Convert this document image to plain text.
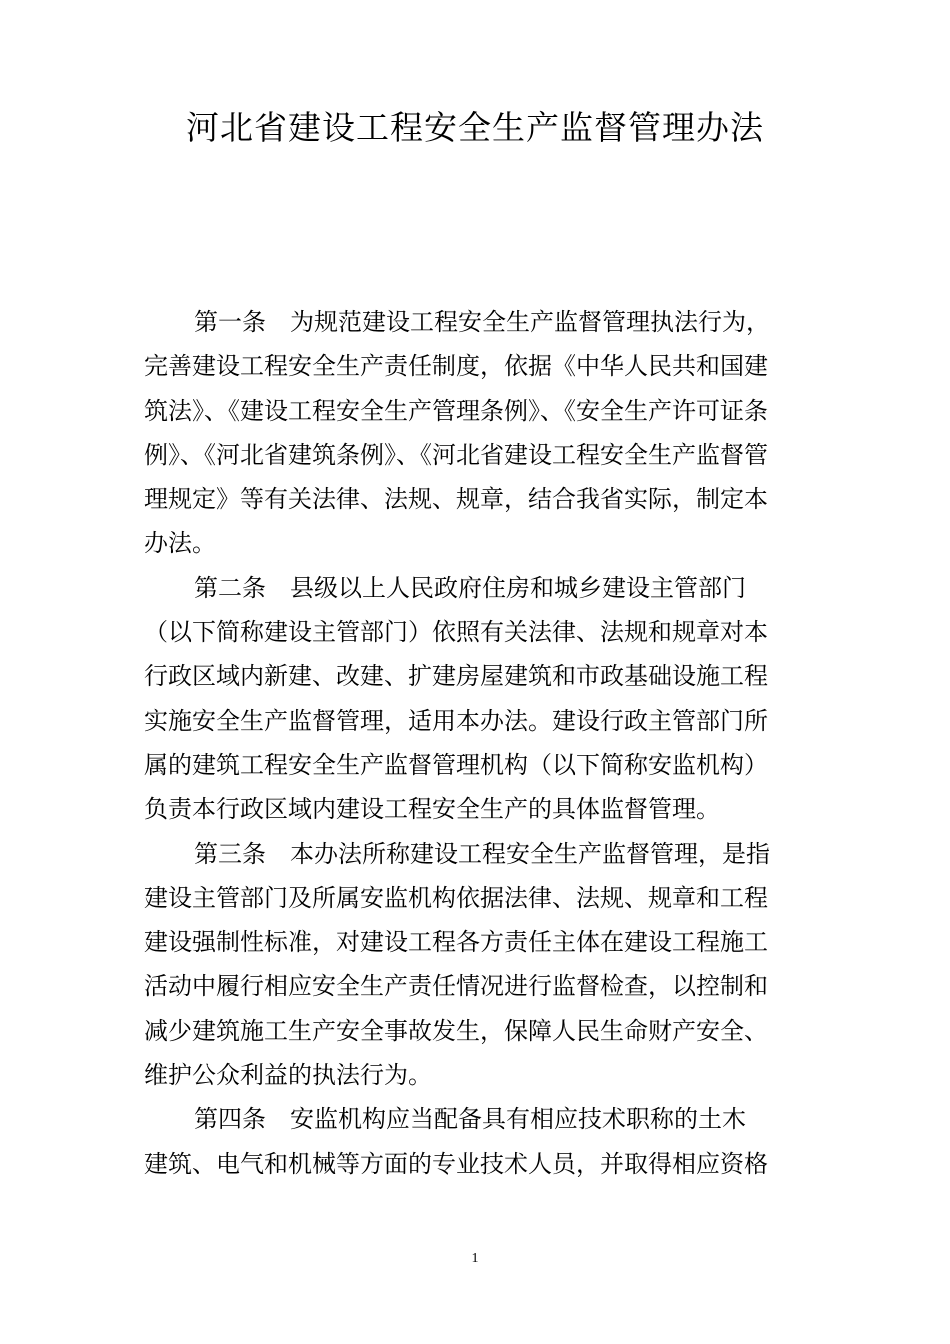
河北省建设工程安全生产监督管理办法

第一条　为规范建设工程安全生产监督管理执法行为，
完善建设工程安全生产责任制度，依据《中华人民共和国建
筑法》、《建设工程安全生产管理条例》、《安全生产许可证条
例》、《河北省建筑条例》、《河北省建设工程安全生产监督管
理规定》等有关法律、法规、规章，结合我省实际，制定本
办法。
第二条　县级以上人民政府住房和城乡建设主管部门
（以下简称建设主管部门）依照有关法律、法规和规章对本
行政区域内新建、改建、扩建房屋建筑和市政基础设施工程
实施安全生产监督管理，适用本办法。建设行政主管部门所
属的建筑工程安全生产监督管理机构（以下简称安监机构）
负责本行政区域内建设工程安全生产的具体监督管理。
第三条　本办法所称建设工程安全生产监督管理，是指
建设主管部门及所属安监机构依据法律、法规、规章和工程
建设强制性标准，对建设工程各方责任主体在建设工程施工
活动中履行相应安全生产责任情况进行监督检查，以控制和
减少建筑施工生产安全事故发生，保障人民生命财产安全、
维护公众利益的执法行为。
第四条　安监机构应当配备具有相应技术职称的土木
建筑、电气和机械等方面的专业技术人员，并取得相应资格
1
